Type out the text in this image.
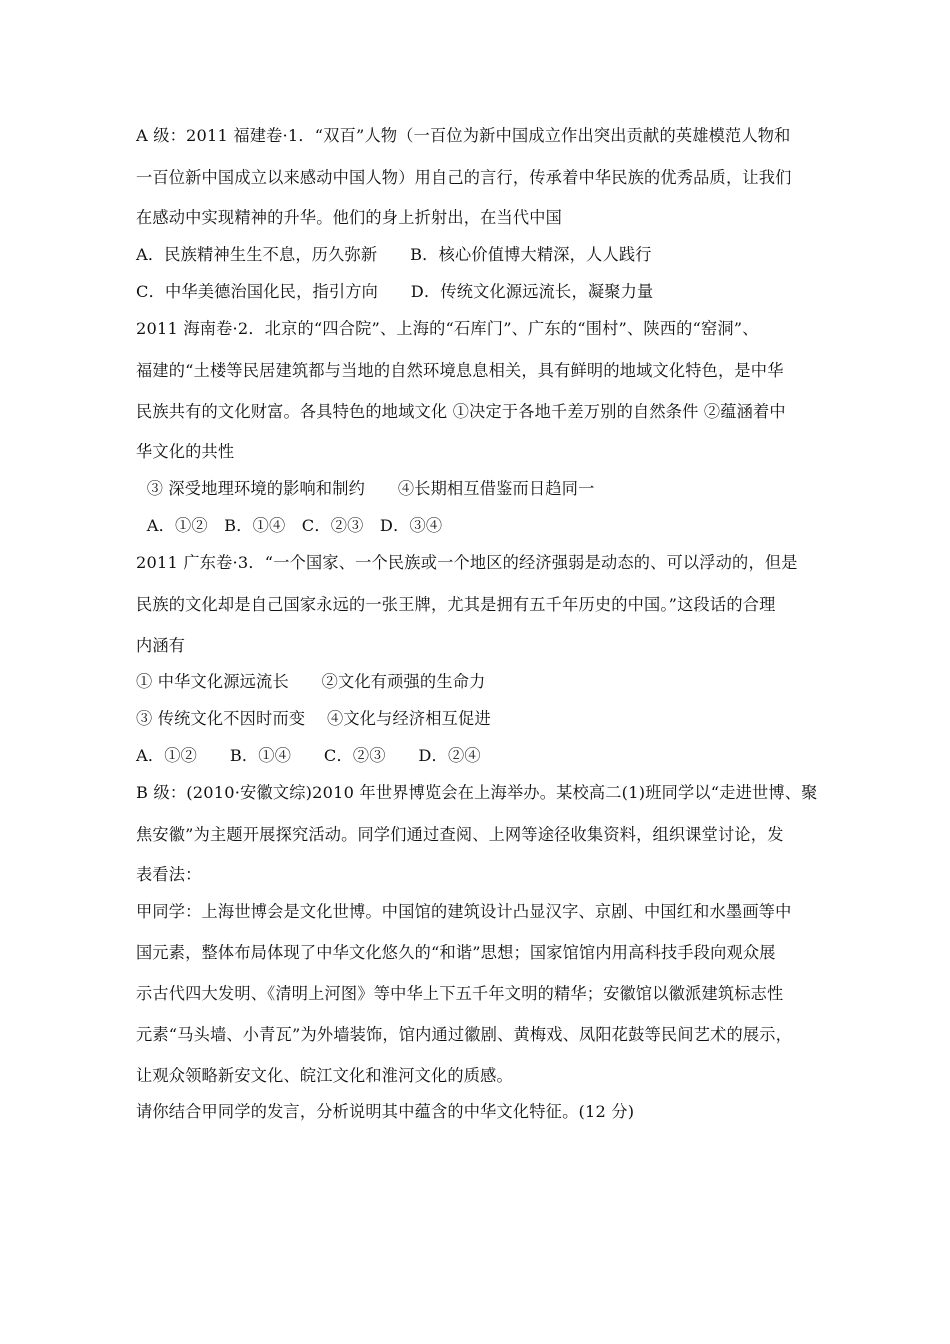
A 级：2011 福建卷·1．“双百”人物（一百位为新中国成立作出突出贡献的英雄模范人物和
一百位新中国成立以来感动中国人物）用自己的言行，传承着中华民族的优秀品质，让我们
在感动中实现精神的升华。他们的身上折射出，在当代中国
A．民族精神生生不息，历久弥新　　B．核心价值博大精深，人人践行
C．中华美德治国化民，指引方向　　D．传统文化源远流长，凝聚力量
2011 海南卷·2．北京的“四合院”、上海的“石库门”、广东的“围村”、陕西的“窑洞”、
福建的“土楼等民居建筑都与当地的自然环境息息相关，具有鲜明的地域文化特色，是中华
民族共有的文化财富。各具特色的地域文化 ①决定于各地千差万别的自然条件 ②蕴涵着中
华文化的共性
③ 深受地理环境的影响和制约　　④长期相互借鉴而日趋同一
A．①②　B．①④　C．②③　D．③④
2011 广东卷·3．“一个国家、一个民族或一个地区的经济强弱是动态的、可以浮动的，但是
民族的文化却是自己国家永远的一张王牌，尤其是拥有五千年历史的中国。”这段话的合理
内涵有
① 中华文化源远流长　　②文化有顽强的生命力
③ 传统文化不因时而变　 ④文化与经济相互促进
A．①②　　B．①④　　C．②③　　D．②④
B 级：(2010·安徽文综)2010 年世界博览会在上海举办。某校高二(1)班同学以“走进世博、聚
焦安徽”为主题开展探究活动。同学们通过查阅、上网等途径收集资料，组织课堂讨论，发
表看法：
甲同学：上海世博会是文化世博。中国馆的建筑设计凸显汉字、京剧、中国红和水墨画等中
国元素，整体布局体现了中华文化悠久的“和谐”思想；国家馆馆内用高科技手段向观众展
示古代四大发明、《清明上河图》等中华上下五千年文明的精华；安徽馆以徽派建筑标志性
元素“马头墙、小青瓦”为外墙装饰，馆内通过徽剧、黄梅戏、凤阳花鼓等民间艺术的展示，
让观众领略新安文化、皖江文化和淮河文化的质感。
请你结合甲同学的发言，分析说明其中蕴含的中华文化特征。(12 分)
